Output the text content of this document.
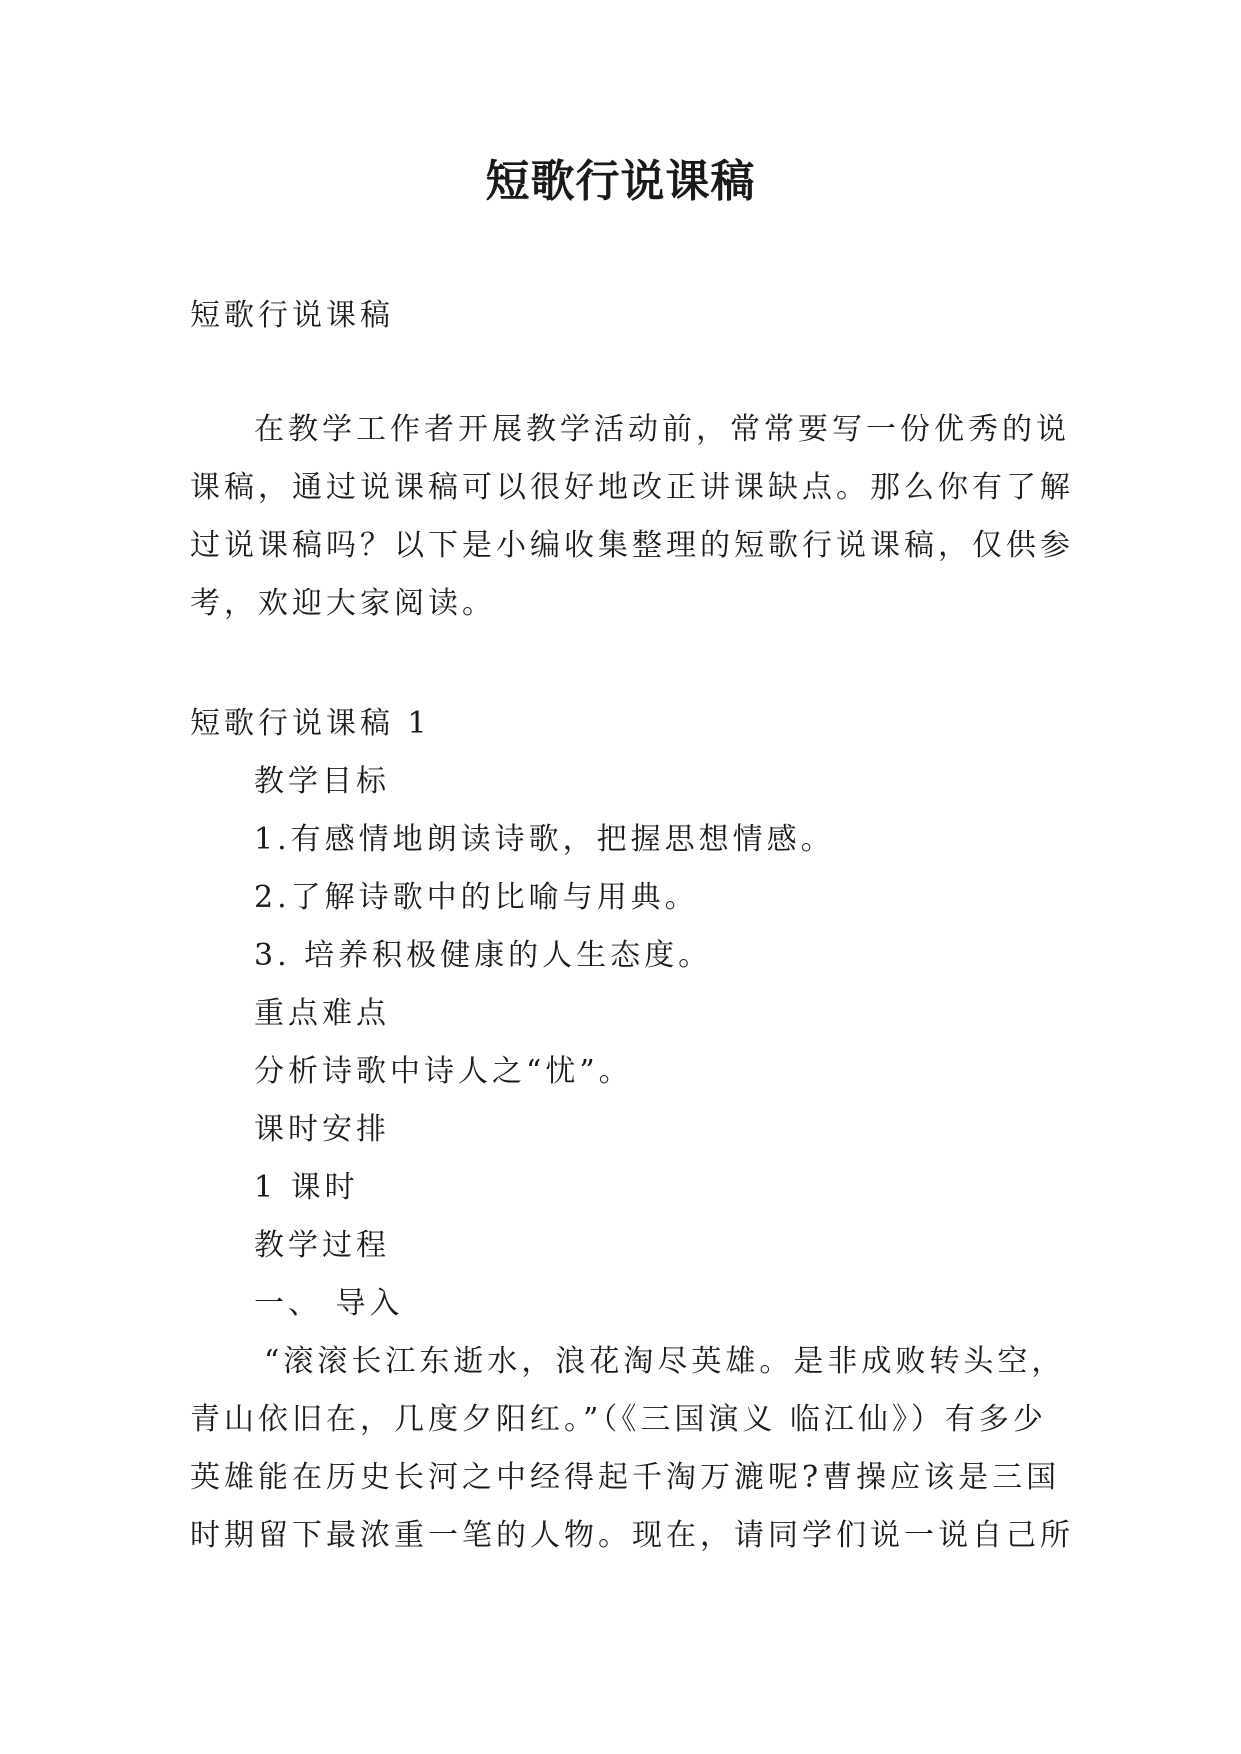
短歌行说课稿

短歌行说课稿

在教学工作者开展教学活动前，常常要写一份优秀的说

课稿，通过说课稿可以很好地改正讲课缺点。那么你有了解

过说课稿吗？以下是小编收集整理的短歌行说课稿，仅供参

考，欢迎大家阅读。

短歌行说课稿 1

教学目标

1.有感情地朗读诗歌，把握思想情感。

2.了解诗歌中的比喻与用典。

3. 培养积极健康的人生态度。

重点难点

分析诗歌中诗人之“忧”。

课时安排

1 课时

教学过程

一、 导入

“滚滚长江东逝水，浪花淘尽英雄。是非成败转头空，

青山依旧在，几度夕阳红。”（《三国演义 临江仙》）有多少

英雄能在历史长河之中经得起千淘万漉呢?曹操应该是三国

时期留下最浓重一笔的人物。现在，请同学们说一说自己所
